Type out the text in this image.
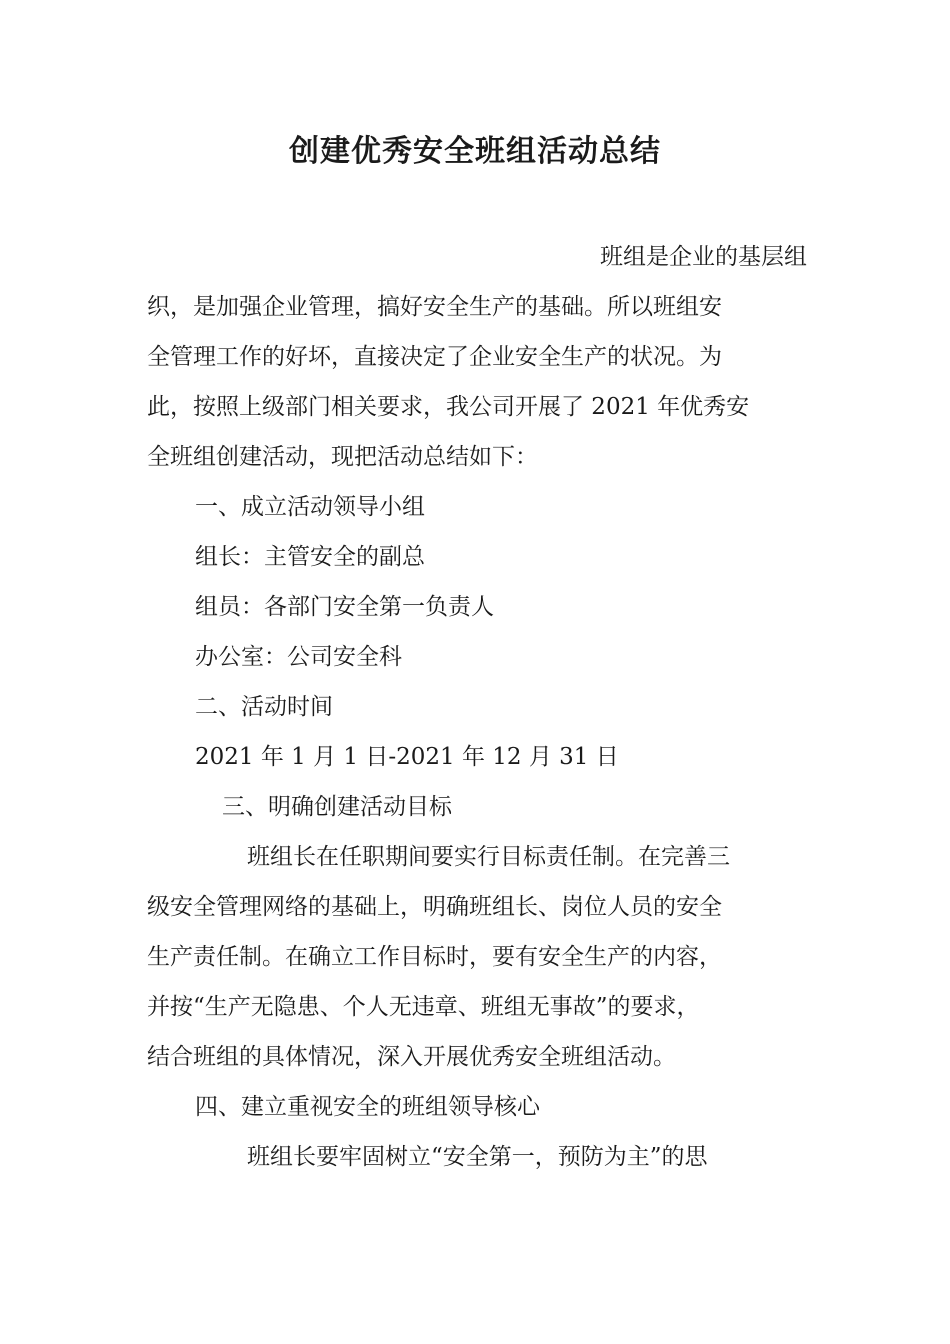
创建优秀安全班组活动总结
班组是企业的基层组
织，是加强企业管理，搞好安全生产的基础。所以班组安
全管理工作的好坏，直接决定了企业安全生产的状况。为
此，按照上级部门相关要求，我公司开展了 2021 年优秀安
全班组创建活动，现把活动总结如下：
一、成立活动领导小组
组长：主管安全的副总
组员：各部门安全第一负责人
办公室：公司安全科
二、活动时间
2021 年 1 月 1 日-2021 年 12 月 31 日
三、明确创建活动目标
班组长在任职期间要实行目标责任制。在完善三
级安全管理网络的基础上，明确班组长、岗位人员的安全
生产责任制。在确立工作目标时，要有安全生产的内容，
并按“生产无隐患、个人无违章、班组无事故”的要求，
结合班组的具体情况，深入开展优秀安全班组活动。
四、建立重视安全的班组领导核心
班组长要牢固树立“安全第一，预防为主”的思
